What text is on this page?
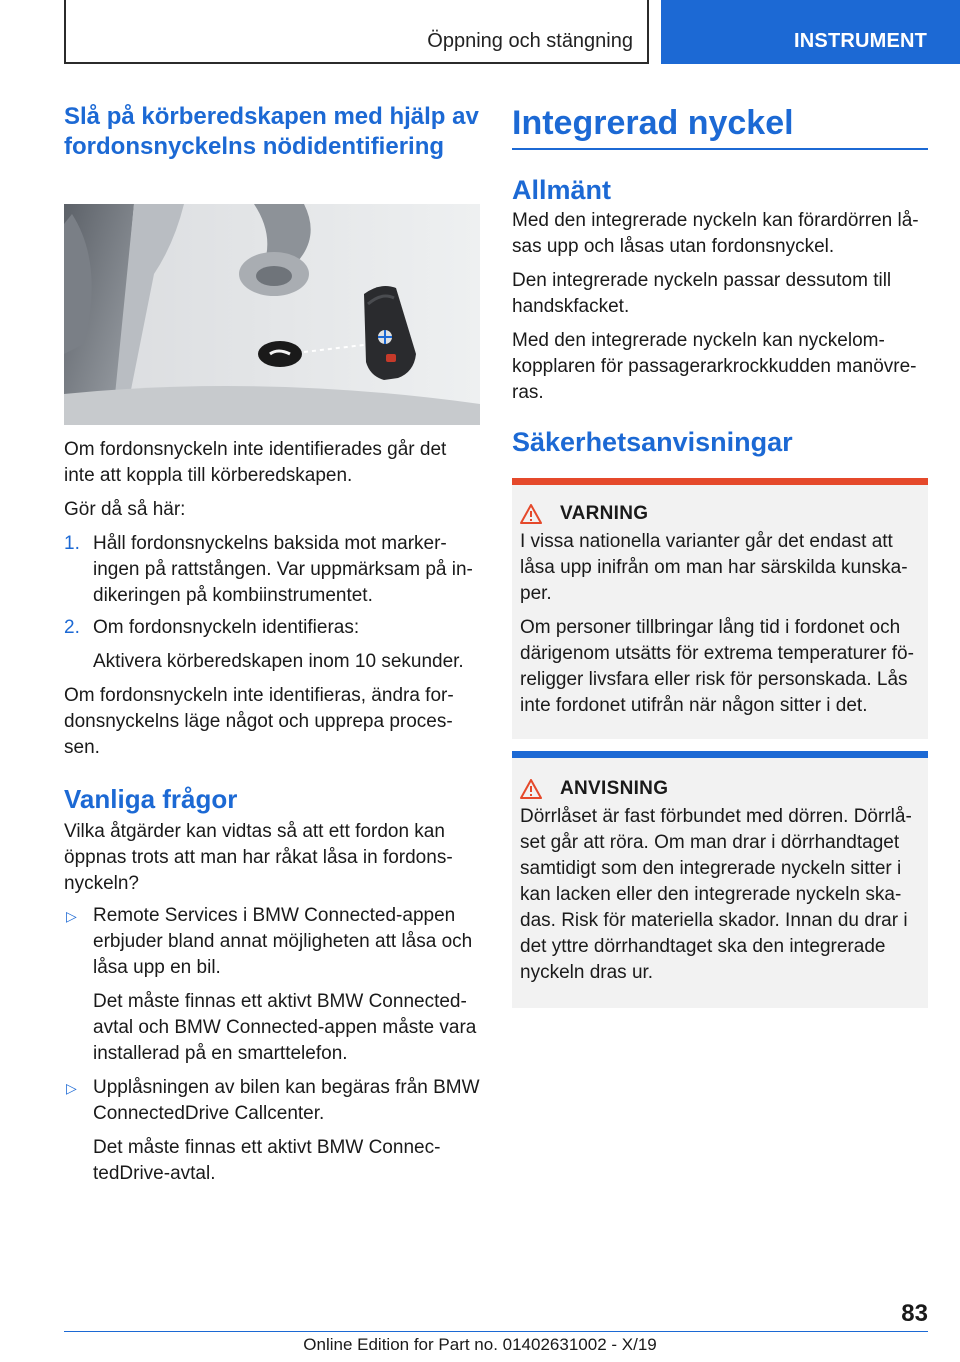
Öppning och stängning	INSTRUMENT
Slå på körberedskapen med hjälp av fordonsnyckelns nödidentifiering

Om fordonsnyckeln inte identifierades går det inte att koppla till körberedskapen.

Gör då så här:

1. Håll fordonsnyckelns baksida mot markeringen på rattstången. Var uppmärksam på indikeringen på kombiinstrumentet.

2. Om fordonsnyckeln identifieras:

Aktivera körberedskapen inom 10 sekunder.

Om fordonsnyckeln inte identifieras, ändra fordonsnyckelns läge något och upprepa processen.

Vanliga frågor

Vilka åtgärder kan vidtas så att ett fordon kan öppnas trots att man har råkat låsa in fordonsnyckeln?

▷ Remote Services i BMW Connected-appen erbjuder bland annat möjligheten att låsa och låsa upp en bil.

Det måste finnas ett aktivt BMW Connected-avtal och BMW Connected-appen måste vara installerad på en smarttelefon.

▷ Upplåsningen av bilen kan begäras från BMW ConnectedDrive Callcenter.

Det måste finnas ett aktivt BMW ConnectedDrive-avtal.

Integrerad nyckel
Allmänt

Med den integrerade nyckeln kan förardörren låsas upp och låsas utan fordonsnyckel.

Den integrerade nyckeln passar dessutom till handskfacket.

Med den integrerade nyckeln kan nyckelomkopplaren för passagerarkrockkudden manövreras.

Säkerhetsanvisningar
VARNING

I vissa nationella varianter går det endast att låsa upp inifrån om man har särskilda kunskaper.

Om personer tillbringar lång tid i fordonet och därigenom utsätts för extrema temperaturer föreligger livsfara eller risk för personskada. Lås inte fordonet utifrån när någon sitter i det.

ANVISNING

Dörrlåset är fast förbundet med dörren. Dörrlåset går att röra. Om man drar i dörrhandtaget samtidigt som den integrerade nyckeln sitter i kan lacken eller den integrerade nyckeln skadas. Risk för materiella skador. Innan du drar i det yttre dörrhandtaget ska den integrerade nyckeln dras ur.

83
Online Edition for Part no. 01402631002 - X/19
